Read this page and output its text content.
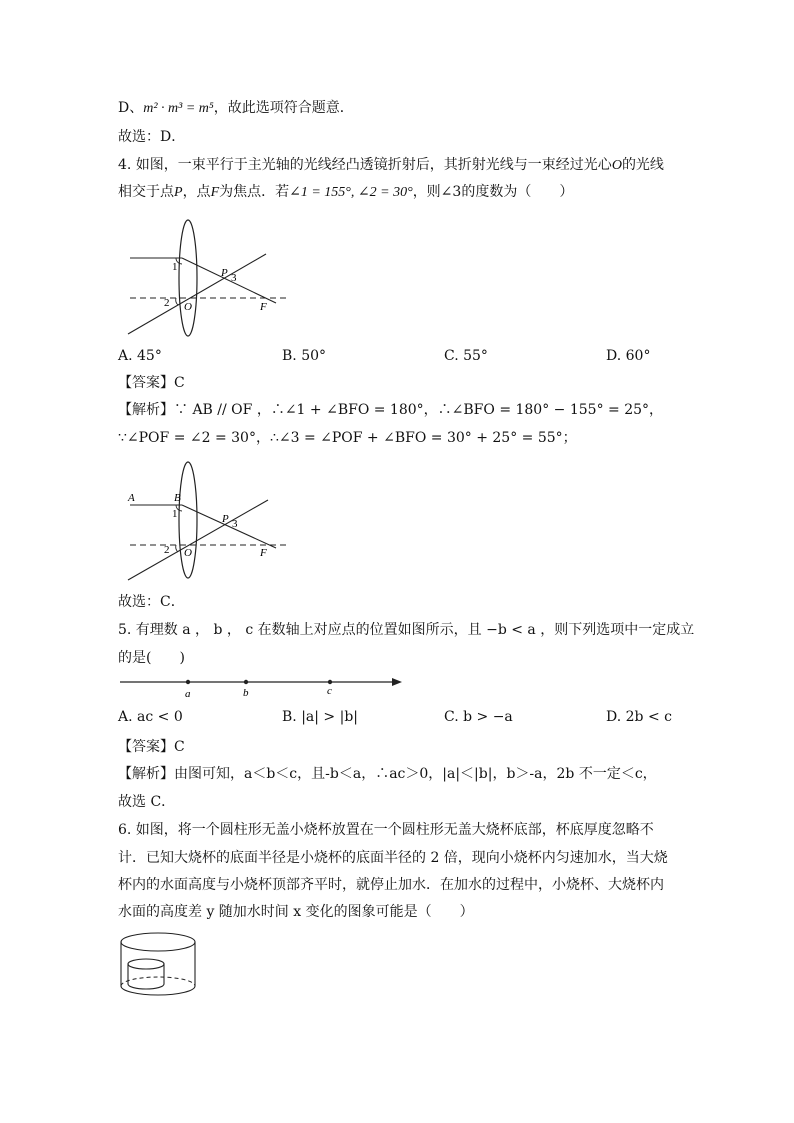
D、m² · m³ = m⁵，故此选项符合题意．
故选：D．
4. 如图，一束平行于主光轴的光线经凸透镜折射后，其折射光线与一束经过光心O的光线
相交于点P，点F为焦点．若∠1 = 155°, ∠2 = 30°，则∠3的度数为（　　）
1
2
P 3
O	F
A. 45°	B. 50°	C. 55°	D. 60°
【答案】C
【解析】∵ AB // OF ，∴∠1 + ∠BFO = 180°，∴∠BFO = 180° − 155° = 25°，
∵∠POF = ∠2 = 30°，∴∠3 = ∠POF + ∠BFO = 30° + 25° = 55°；
A	B
1
2
P 3
O	F
故选：C．
5. 有理数 a ， b ， c 在数轴上对应点的位置如图所示，且 −b < a ，则下列选项中一定成立
的是(　　)
a	b	c
A. ac < 0	B. |a| > |b|	C. b > −a	D. 2b < c
【答案】C
【解析】由图可知，a＜b＜c，且-b＜a，∴ac＞0，|a|＜|b|，b＞-a，2b 不一定＜c，
故选 C．
6. 如图，将一个圆柱形无盖小烧杯放置在一个圆柱形无盖大烧杯底部，杯底厚度忽略不
计．已知大烧杯的底面半径是小烧杯的底面半径的 2 倍，现向小烧杯内匀速加水，当大烧
杯内的水面高度与小烧杯顶部齐平时，就停止加水．在加水的过程中，小烧杯、大烧杯内
水面的高度差 y 随加水时间 x 变化的图象可能是（　　）
